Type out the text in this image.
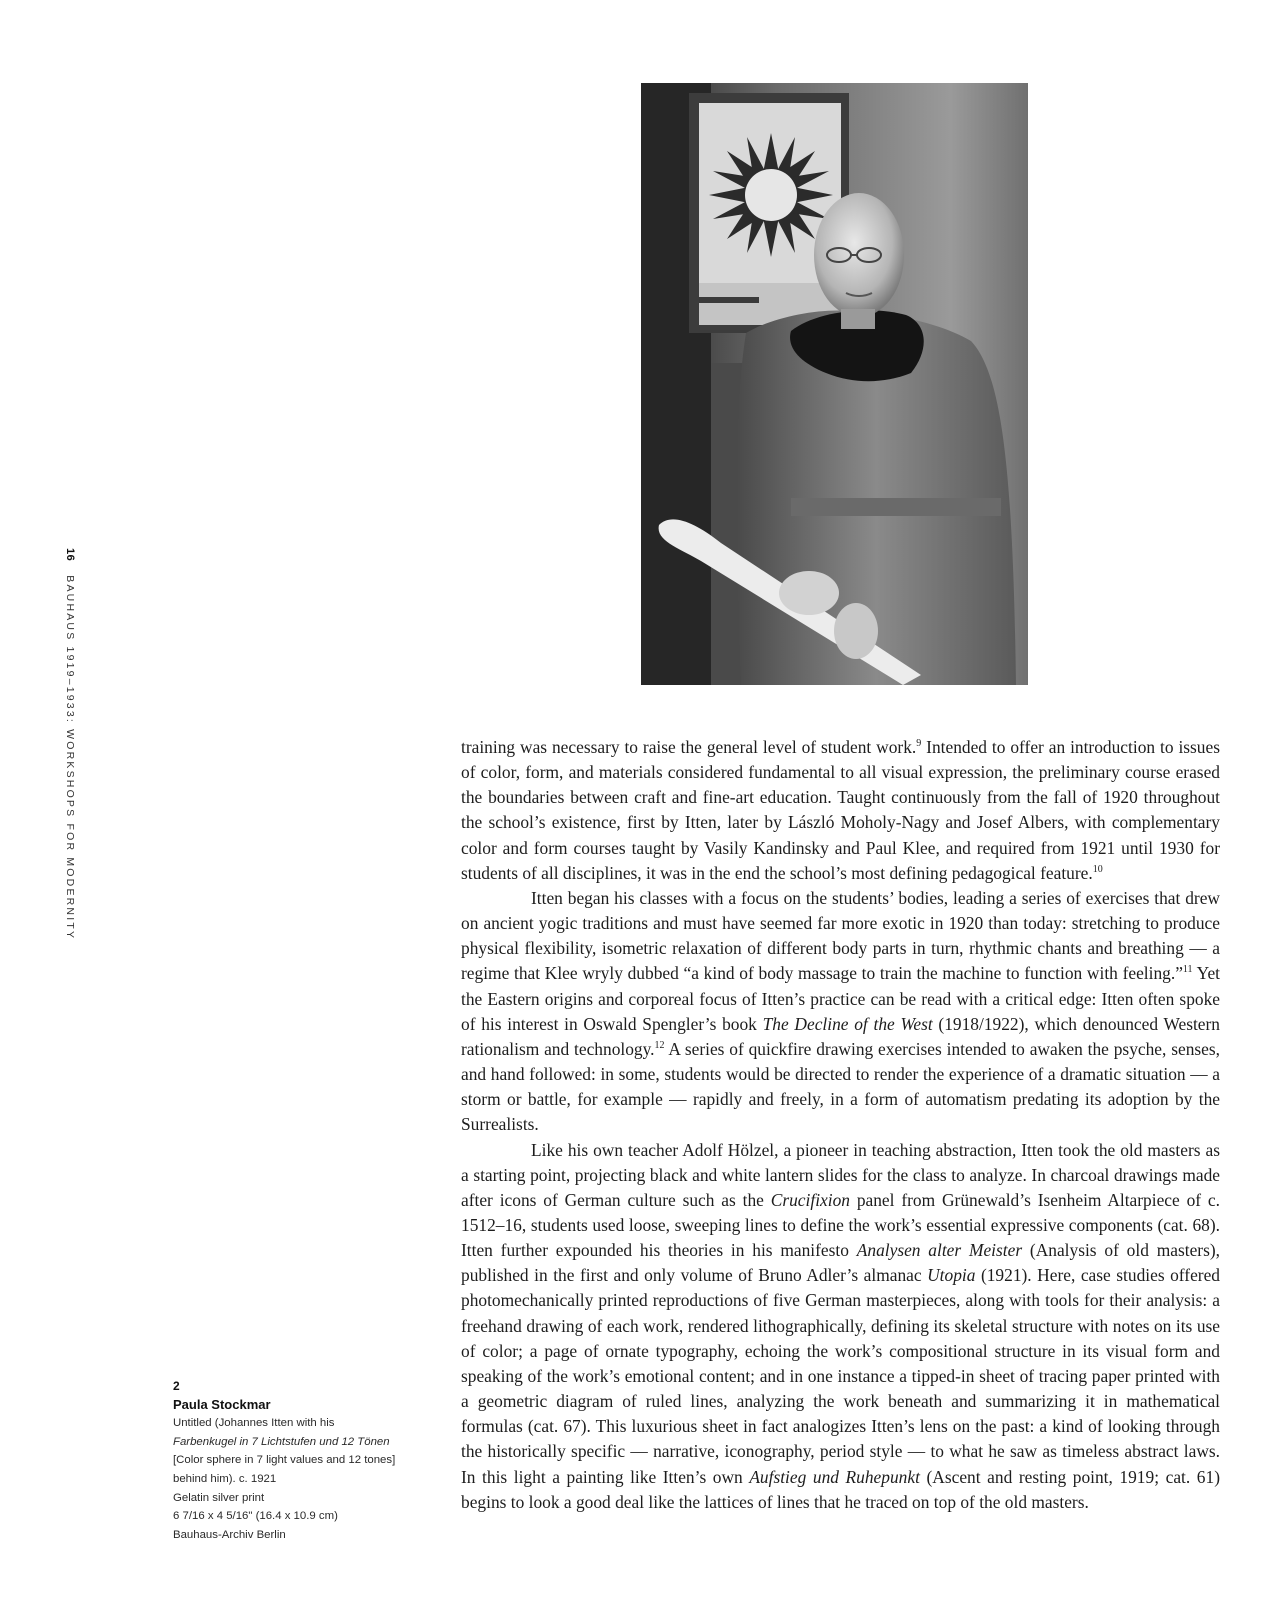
16
BAUHAUS 1919–1933: WORKSHOPS FOR MODERNITY	training was necessary to raise the general level of student work.$^9$ Intended to offer an introduction to issues of color, form, and materials considered fundamental to all visual expression, the preliminary course erased the boundaries between craft and fine-art education. Taught continuously from the fall of 1920 throughout the school’s existence, first by Itten, later by László Moholy-Nagy and Josef Albers, with complementary color and form courses taught by Vasily Kandinsky and Paul Klee, and required from 1921 until 1930 for students of all disciplines, it was in the end the school’s most defining pedagogical feature.$^{10}$

Itten began his classes with a focus on the students’ bodies, leading a series of exercises that drew on ancient yogic traditions and must have seemed far more exotic in 1920 than today: stretching to produce physical flexibility, isometric relaxation of different body parts in turn, rhythmic chants and breathing — a regime that Klee wryly dubbed “a kind of body massage to train the machine to function with feeling.”$^{11}$ Yet the Eastern origins and corporeal focus of Itten’s practice can be read with a critical edge: Itten often spoke of his interest in Oswald Spengler’s book The Decline of the West (1918/1922), which denounced Western rationalism and technology.$^{12}$ A series of quickfire drawing exercises intended to awaken the psyche, senses, and hand followed: in some, students would be directed to render the experience of a dramatic situation — a storm or battle, for example — rapidly and freely, in a form of automatism predating its adoption by the Surrealists.

Like his own teacher Adolf Hölzel, a pioneer in teaching abstraction, Itten took the old masters as a starting point, projecting black and white lantern slides for the class to analyze. In charcoal drawings made after icons of German culture such as the Crucifixion panel from Grünewald’s Isenheim Altarpiece of c. 1512–16, students used loose, sweeping lines to define the work’s essential expressive components (cat. 68). Itten further expounded his theories in his manifesto Analysen alter Meister (Analysis of old masters), published in the first and only volume of Bruno Adler’s almanac Utopia (1921). Here, case studies offered photomechanically printed reproductions of five German masterpieces, along with tools for their analysis: a freehand drawing of each work, rendered lithographically, defining its skeletal structure with notes on its use of color; a page of ornate typography, echoing the work’s compositional structure in its visual form and speaking of the work’s emotional content; and in one instance a tipped-in sheet of tracing paper printed with a geometric diagram of ruled lines, analyzing the work beneath and summarizing it in mathematical formulas (cat. 67). This luxurious sheet in fact analogizes Itten’s lens on the past: a kind of looking through the historically specific — narrative, iconography, period style — to what he saw as timeless abstract laws. In this light a painting like Itten’s own Aufstieg und Ruhepunkt (Ascent and resting point, 1919; cat. 61) begins to look a good deal like the lattices of lines that he traced on top of the old masters.

2
Paula Stockmar
Untitled (Johannes Itten with his
Farbenkugel in 7 Lichtstufen und 12 Tönen
[Color sphere in 7 light values and 12 tones]
behind him). c. 1921
Gelatin silver print
6 7/16 x 4 5/16" (16.4 x 10.9 cm)
Bauhaus-Archiv Berlin
